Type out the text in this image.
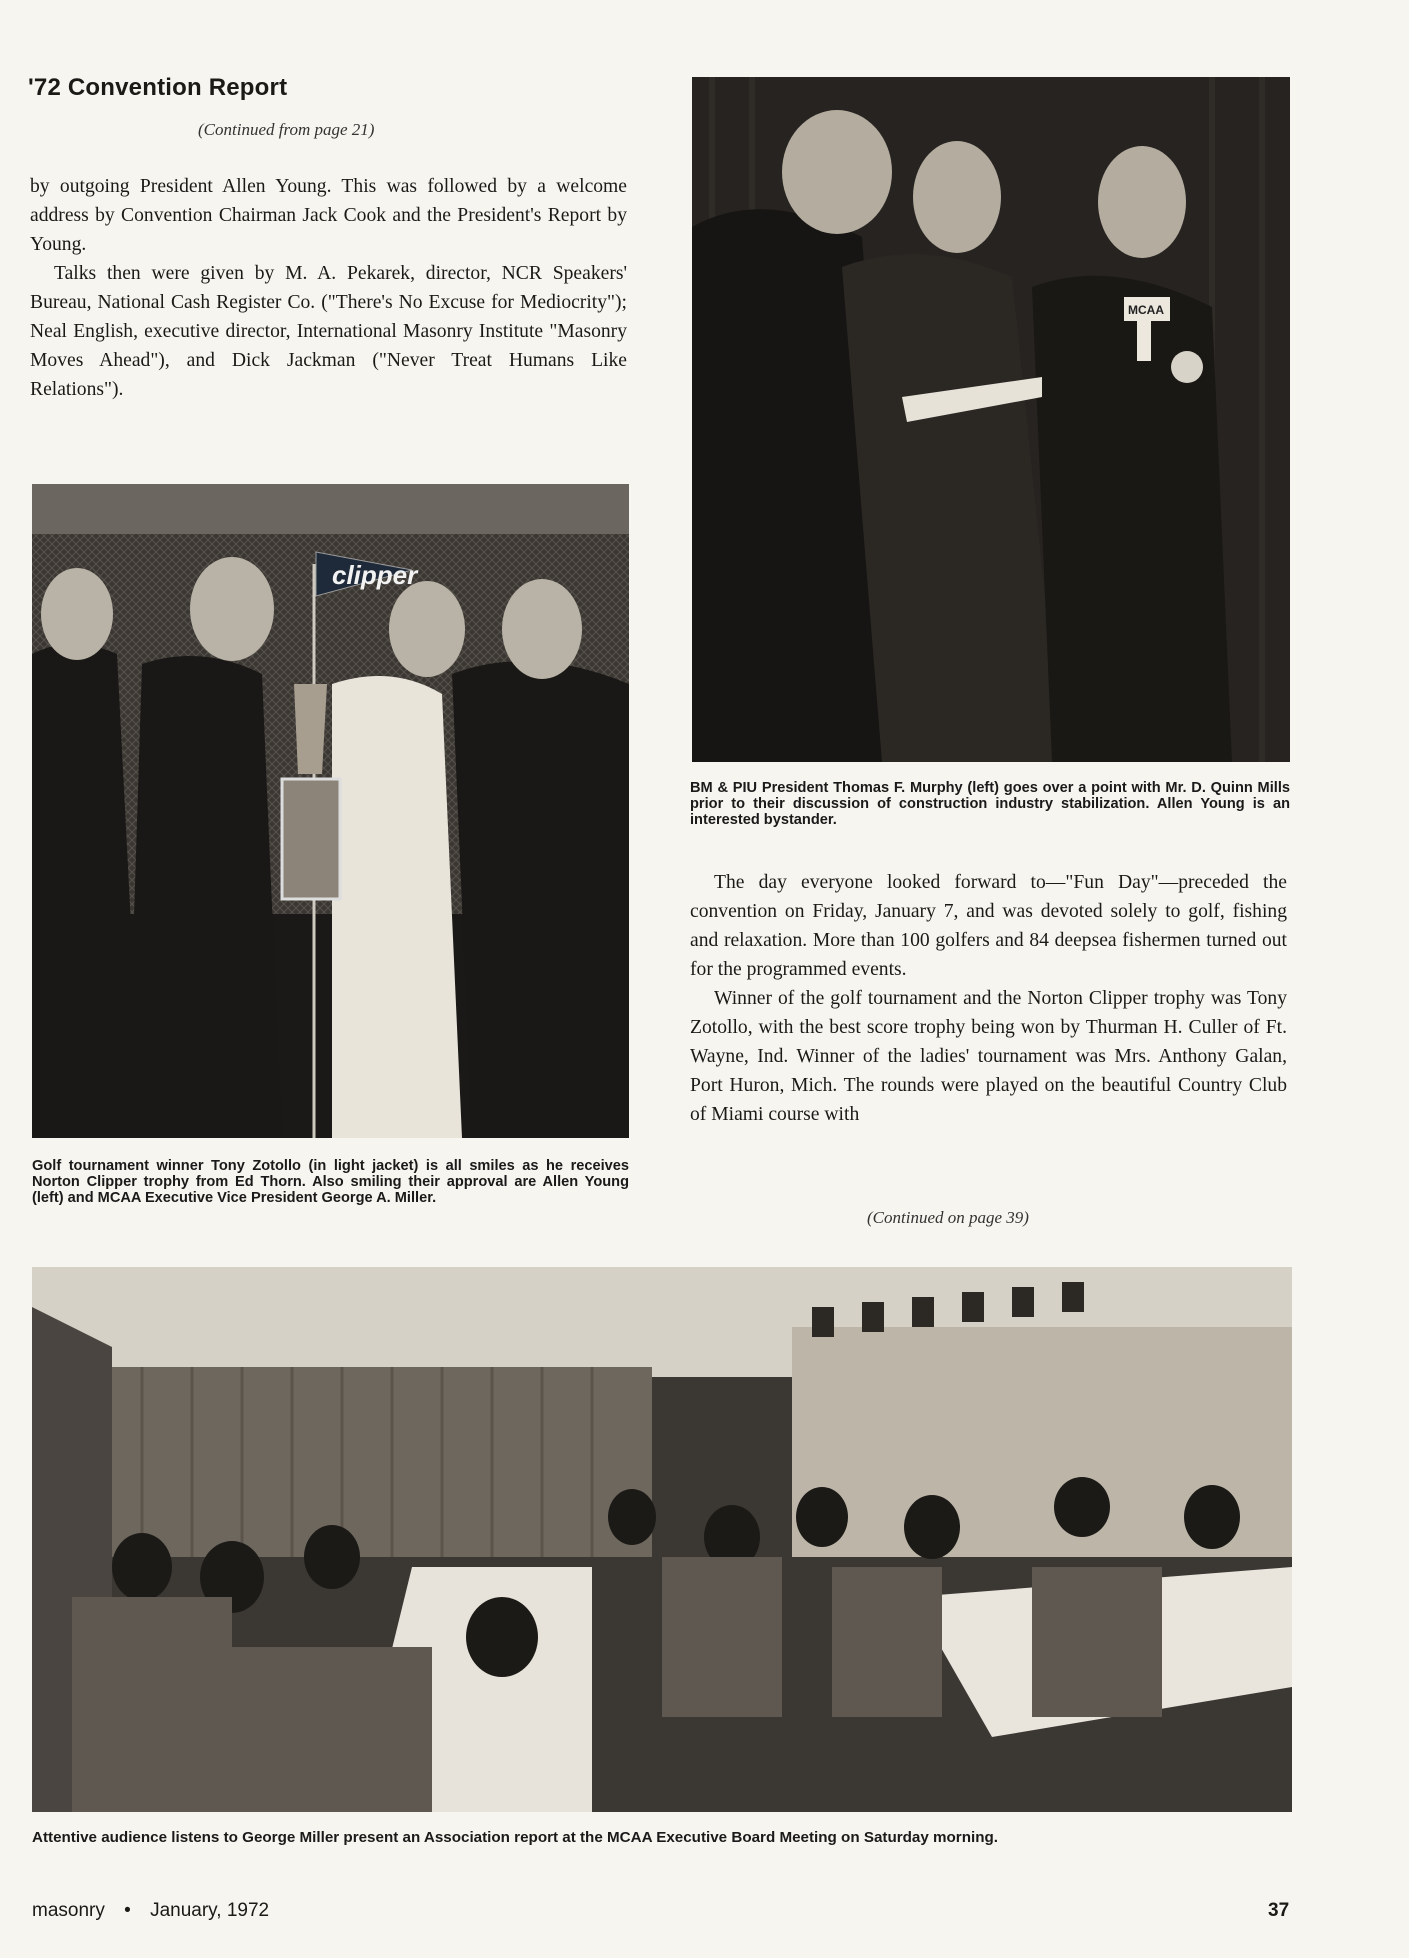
'72 Convention Report
(Continued from page 21)

by outgoing President Allen Young. This was followed by a welcome address by Convention Chairman Jack Cook and the President's Report by Young.

Talks then were given by M. A. Pekarek, director, NCR Speakers' Bureau, National Cash Register Co. ("There's No Excuse for Mediocrity"); Neal English, executive director, International Masonry Institute "Masonry Moves Ahead"), and Dick Jackman ("Never Treat Humans Like Relations").

clipper
Golf tournament winner Tony Zotollo (in light jacket) is all smiles as he receives Norton Clipper trophy from Ed Thorn. Also smiling their approval are Allen Young (left) and MCAA Executive Vice President George A. Miller.
MCAA
BM & PIU President Thomas F. Murphy (left) goes over a point with Mr. D. Quinn Mills prior to their discussion of construction industry stabilization. Allen Young is an interested bystander.

The day everyone looked forward to—"Fun Day"—preceded the convention on Friday, January 7, and was devoted solely to golf, fishing and relaxation. More than 100 golfers and 84 deepsea fishermen turned out for the programmed events.

Winner of the golf tournament and the Norton Clipper trophy was Tony Zotollo, with the best score trophy being won by Thurman H. Culler of Ft. Wayne, Ind. Winner of the ladies' tournament was Mrs. Anthony Galan, Port Huron, Mich. The rounds were played on the beautiful Country Club of Miami course with

(Continued on page 39)
Attentive audience listens to George Miller present an Association report at the MCAA Executive Board Meeting on Saturday morning.
masonry • January, 1972	37
